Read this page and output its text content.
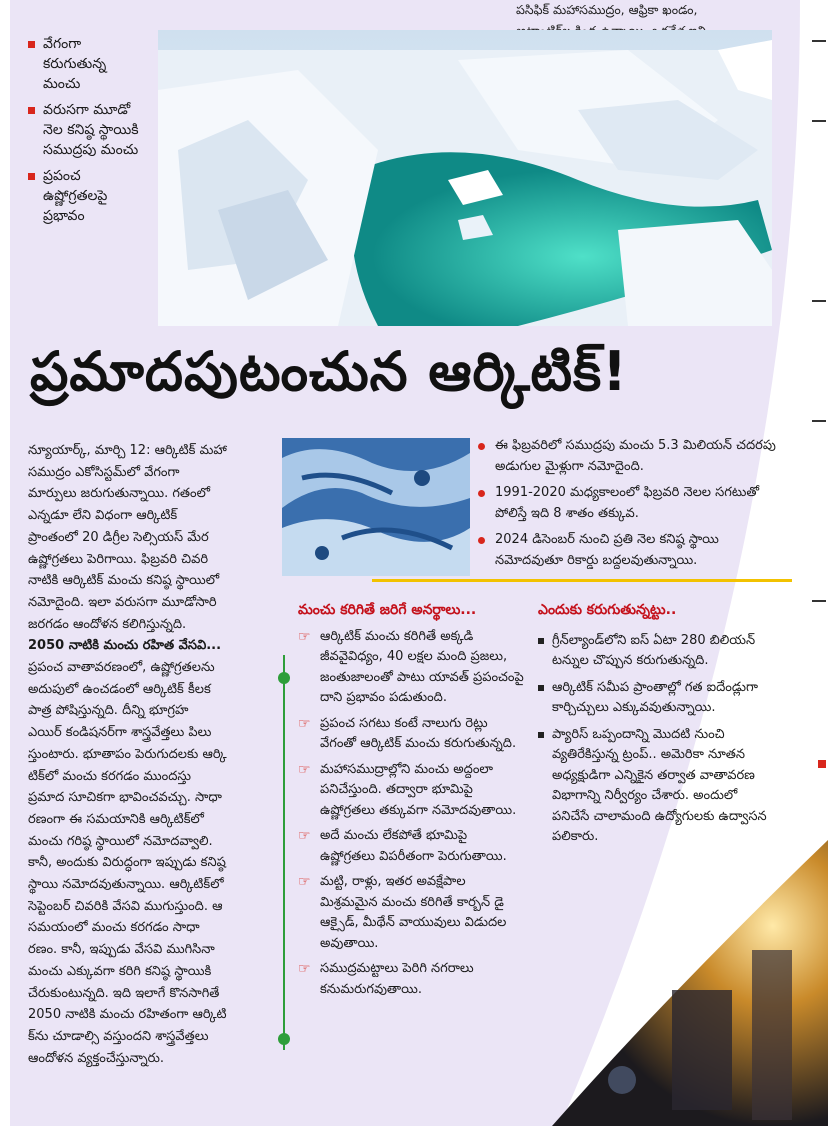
పసిఫిక్ మహాసముద్రం, ఆఫ్రికా ఖండం,
వేగంగా కరుగుతున్న మంచు
వరుసగా మూడో నెల కనిష్ఠ స్థాయికి సముద్రపు మంచు
ప్రపంచ ఉష్ణోగ్రతలపై ప్రభావం
ప్రమాదపుటంచున ఆర్కిటిక్!
న్యూయార్క్, మార్చి 12: ఆర్కిటిక్ మహా
సముద్రం ఎకోసిస్టమ్‌లో వేగంగా
మార్పులు జరుగుతున్నాయి. గతంలో
ఎన్నడూ లేని విధంగా ఆర్కిటిక్
ప్రాంతంలో 20 డిగ్రీల సెల్సియస్ మేర
ఉష్ణోగ్రతలు పెరిగాయి. ఫిబ్రవరి చివరి
నాటికి ఆర్కిటిక్ మంచు కనిష్ఠ స్థాయిలో
నమోదైంది. ఇలా వరుసగా మూడోసారి
జరగడం ఆందోళన కలిగిస్తున్నది.
2050 నాటికి మంచు రహిత వేసవి...
ప్రపంచ వాతావరణంలో, ఉష్ణోగ్రతలను
అదుపులో ఉంచడంలో ఆర్కిటిక్ కీలక
పాత్ర పోషిస్తున్నది. దీన్ని భూగ్రహ
ఎయిర్ కండిషనర్‌గా శాస్త్రవేత్తలు పిలు
స్తుంటారు. భూతాపం పెరుగుదలకు ఆర్కి
టిక్‌లో మంచు కరగడం ముందస్తు
ప్రమాద సూచికగా భావించవచ్చు. సాధా
రణంగా ఈ సమయానికి ఆర్కిటిక్‌లో
మంచు గరిష్ఠ స్థాయిలో నమోదవ్వాలి.
కానీ, అందుకు విరుద్ధంగా ఇప్పుడు కనిష్ఠ
స్థాయి నమోదవుతున్నాయి. ఆర్కిటిక్‌లో
సెప్టెంబర్ చివరికి వేసవి ముగుస్తుంది. ఆ
సమయంలో మంచు కరగడం సాధా
రణం. కానీ, ఇప్పుడు వేసవి ముగిసినా
మంచు ఎక్కువగా కరిగి కనిష్ఠ స్థాయికి
చేరుకుంటున్నది. ఇది ఇలాగే కొనసాగితే
2050 నాటికి మంచు రహితంగా ఆర్కిటి
క్‌ను చూడాల్సి వస్తుందని శాస్త్రవేత్తలు
ఆందోళన వ్యక్తంచేస్తున్నారు.
ఈ ఫిబ్రవరిలో సముద్రపు మంచు 5.3 మిలియన్ చదరపు అడుగుల మైళ్లుగా నమోదైంది.
1991-2020 మధ్యకాలంలో ఫిబ్రవరి నెలల సగటుతో పోలిస్తే ఇది 8 శాతం తక్కువ.
2024 డిసెంబర్ నుంచి ప్రతి నెల కనిష్ఠ స్థాయి నమోదవుతూ రికార్డు బద్దలవుతున్నాయి.
మంచు కరిగితే జరిగే అనర్థాలు...
☞ ఆర్కిటిక్ మంచు కరిగితే అక్కడి జీవవైవిధ్యం, 40 లక్షల మంది ప్రజలు, జంతుజాలంతో పాటు యావత్ ప్రపంచంపై దాని ప్రభావం పడుతుంది.
☞ ప్రపంచ సగటు కంటే నాలుగు రెట్లు వేగంతో ఆర్కిటిక్ మంచు కరుగుతున్నది.
☞ మహాసముద్రాల్లోని మంచు అద్దంలా పనిచేస్తుంది. తద్వారా భూమిపై ఉష్ణోగ్రతలు తక్కువగా నమోదవుతాయి.
☞ అదే మంచు లేకపోతే భూమిపై ఉష్ణోగ్రతలు విపరీతంగా పెరుగుతాయి.
☞ మట్టి, రాళ్లు, ఇతర అవక్షేపాల మిశ్రమమైన మంచు కరిగితే కార్బన్ డై ఆక్సైడ్, మీథేన్ వాయువులు విడుదల అవుతాయి.
☞ సముద్రమట్టాలు పెరిగి నగరాలు కనుమరుగవుతాయి.
ఎందుకు కరుగుతున్నట్టు..
గ్రీన్‌ల్యాండ్‌లోని ఐస్ ఏటా 280 బిలియన్ టన్నుల చొప్పున కరుగుతున్నది.
ఆర్కిటిక్ సమీప ప్రాంతాల్లో గత ఐదేండ్లుగా కార్చిచ్చులు ఎక్కువవుతున్నాయి.
ప్యారిస్ ఒప్పందాన్ని మొదటి నుంచి వ్యతిరేకిస్తున్న ట్రంప్.. అమెరికా నూతన అధ్యక్షుడిగా ఎన్నికైన తర్వాత వాతావరణ విభాగాన్ని నిర్వీర్యం చేశారు. అందులో పనిచేసే చాలామంది ఉద్యోగులకు ఉద్వాసన పలికారు.
